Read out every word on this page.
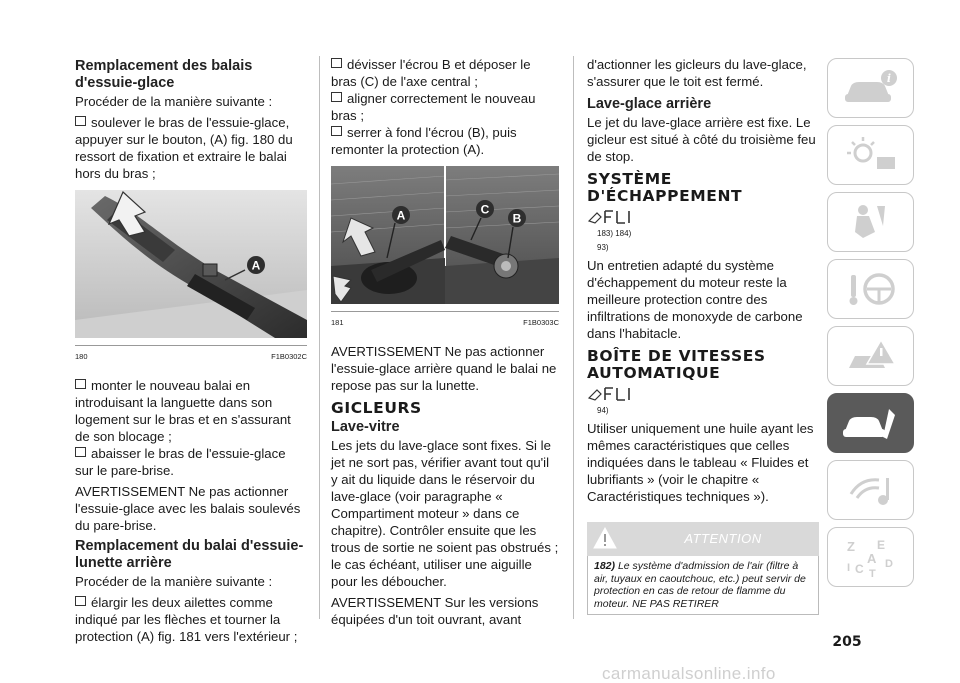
Remplacement des balais d'essuie-glace

Procéder de la manière suivante :

soulever le bras de l'essuie-glace, appuyer sur le bouton, (A) fig. 180 du ressort de fixation et extraire le balai hors du bras ;

A
180	F1B0302C

monter le nouveau balai en introduisant la languette dans son logement sur le bras et en s'assurant de son blocage ;

abaisser le bras de l'essuie-glace sur le pare-brise.

AVERTISSEMENT Ne pas actionner l'essuie-glace avec les balais soulevés du pare-brise.

Remplacement du balai d'essuie-lunette arrière

Procéder de la manière suivante :

élargir les deux ailettes comme indiqué par les flèches et tourner la protection (A) fig. 181 vers l'extérieur ;

dévisser l'écrou B et déposer le bras (C) de l'axe central ;

aligner correctement le nouveau bras ;

serrer à fond l'écrou (B), puis remonter la protection (A).

A	C
B
181	F1B0303C

AVERTISSEMENT Ne pas actionner l'essuie-glace arrière quand le balai ne repose pas sur la lunette.

GICLEURS
Lave-vitre

Les jets du lave-glace sont fixes. Si le jet ne sort pas, vérifier avant tout qu'il y ait du liquide dans le réservoir du lave-glace (voir paragraphe « Compartiment moteur » dans ce chapitre). Contrôler ensuite que les trous de sortie ne soient pas obstrués ; le cas échéant, utiliser une aiguille pour les déboucher.

AVERTISSEMENT Sur les versions équipées d'un toit ouvrant, avant

d'actionner les gicleurs du lave-glace, s'assurer que le toit est fermé.

Lave-glace arrière

Le jet du lave-glace arrière est fixe. Le gicleur est situé à côté du troisième feu de stop.

SYSTÈME D'ÉCHAPPEMENT
183) 184)
93)

Un entretien adapté du système d'échappement du moteur reste la meilleure protection contre des infiltrations de monoxyde de carbone dans l'habitacle.

BOÎTE DE VITESSES AUTOMATIQUE
94)

Utiliser uniquement une huile ayant les mêmes caractéristiques que celles indiquées dans le tableau « Fluides et lubrifiants » (voir le chapitre « Caractéristiques techniques »).

ATTENTION
182) Le système d'admission de l'air (filtre à air, tuyaux en caoutchouc, etc.) peut servir de protection en cas de retour de flamme du moteur. NE PAS RETIRER
i
Z E
A D
I C T
205
carmanualsonline.info
